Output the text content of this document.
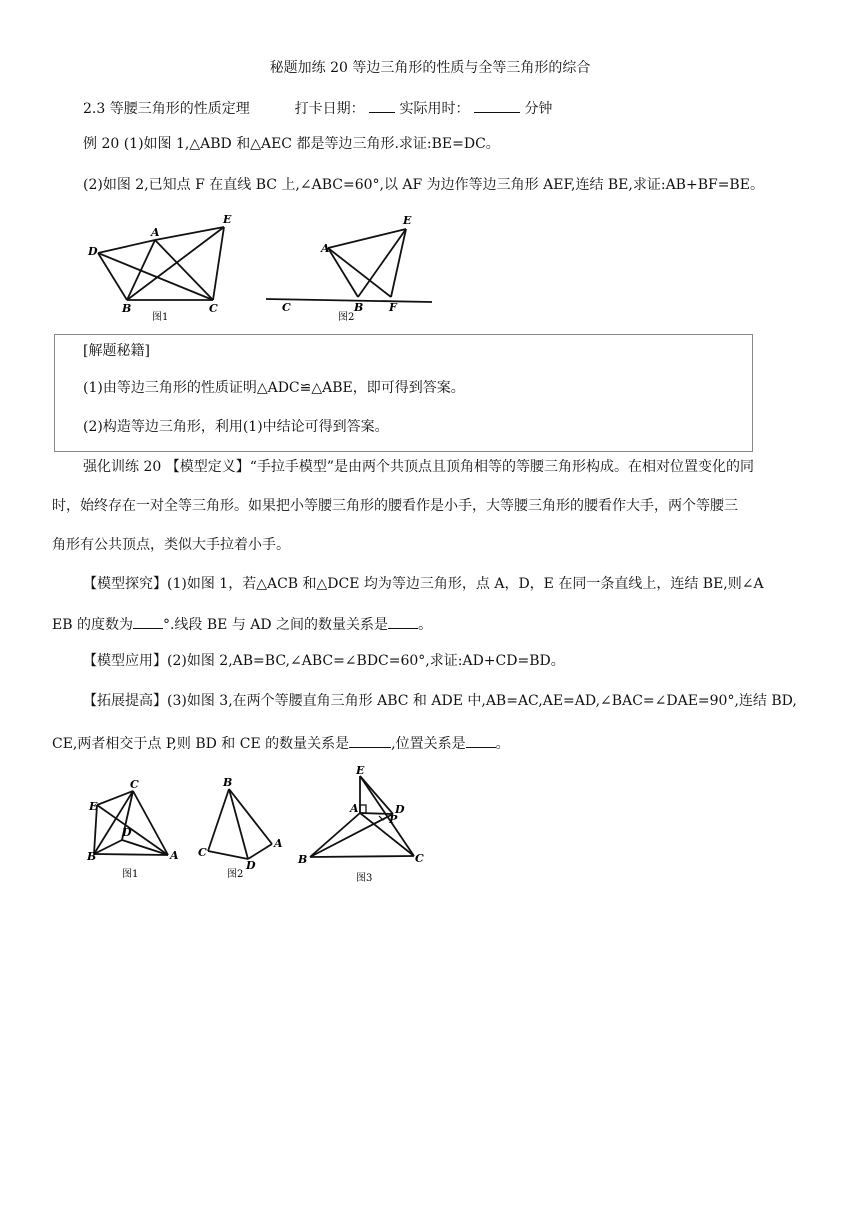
秘题加练 20 等边三角形的性质与全等三角形的综合
2.3 等腰三角形的性质定理	打卡日期： 实际用时：	分钟
例 20 (1)如图 1,△ABD 和△AEC 都是等边三角形.求证:BE=DC。
(2)如图 2,已知点 F 在直线 BC 上,∠ABC=60°,以 AF 为边作等边三角形 AEF,连结 BE,求证:AB+BF=BE。
D
A
E
B	C
图1
A
E
C	B F
图2
[解题秘籍]
(1)由等边三角形的性质证明△ADC≌△ABE，即可得到答案。
(2)构造等边三角形，利用(1)中结论可得到答案。
强化训练 20 【模型定义】“手拉手模型”是由两个共顶点且顶角相等的等腰三角形构成。在相对位置变化的同
时，始终存在一对全等三角形。如果把小等腰三角形的腰看作是小手，大等腰三角形的腰看作大手，两个等腰三
角形有公共顶点，类似大手拉着小手。
【模型探究】(1)如图 1，若△ACB 和△DCE 均为等边三角形，点 A，D，E 在同一条直线上，连结 BE,则∠A
EB 的度数为 °.线段 BE 与 AD 之间的数量关系是 。
【模型应用】(2)如图 2,AB=BC,∠ABC=∠BDC=60°,求证:AD+CD=BD。
【拓展提高】(3)如图 3,在两个等腰直角三角形 ABC 和 ADE 中,AB=AC,AE=AD,∠BAC=∠DAE=90°,连结 BD,
CE,两者相交于点 P,则 BD 和 CE 的数量关系是	,位置关系是 。
C
E
D
B	A
图1
B
A
C
D
图2
E
A	D
P
B	C
图3
